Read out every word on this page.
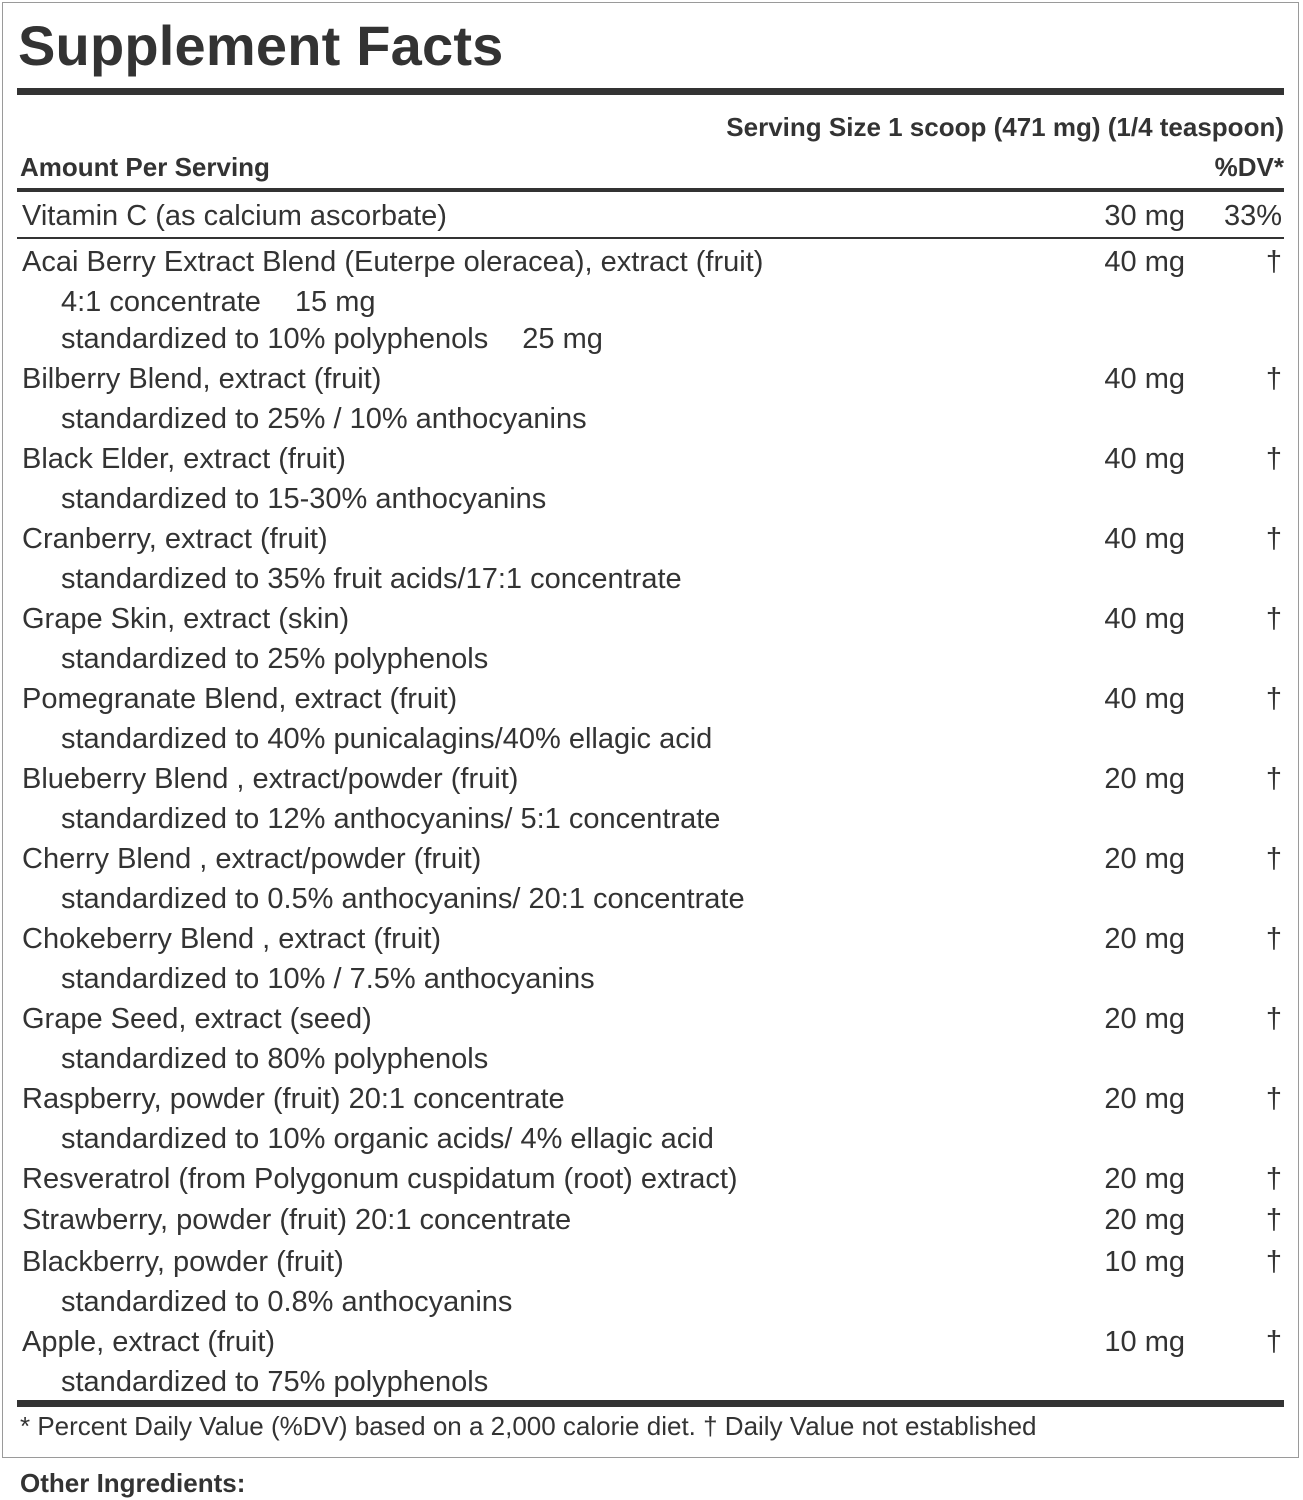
Supplement Facts
Serving Size 1 scoop (471 mg) (1/4 teaspoon)
Amount Per Serving	%DV*
Vitamin C (as calcium ascorbate)	30 mg 33%
Acai Berry Extract Blend (Euterpe oleracea), extract (fruit)	40 mg	†
4:1 concentrate 15 mg
standardized to 10% polyphenols 25 mg
Bilberry Blend, extract (fruit)	40 mg	†
standardized to 25% / 10% anthocyanins
Black Elder, extract (fruit)	40 mg	†
standardized to 15-30% anthocyanins
Cranberry, extract (fruit)	40 mg	†
standardized to 35% fruit acids/17:1 concentrate
Grape Skin, extract (skin)	40 mg	†
standardized to 25% polyphenols
Pomegranate Blend, extract (fruit)	40 mg	†
standardized to 40% punicalagins/40% ellagic acid
Blueberry Blend , extract/powder (fruit)	20 mg	†
standardized to 12% anthocyanins/ 5:1 concentrate
Cherry Blend , extract/powder (fruit)	20 mg	†
standardized to 0.5% anthocyanins/ 20:1 concentrate
Chokeberry Blend , extract (fruit)	20 mg	†
standardized to 10% / 7.5% anthocyanins
Grape Seed, extract (seed)	20 mg	†
standardized to 80% polyphenols
Raspberry, powder (fruit) 20:1 concentrate	20 mg	†
standardized to 10% organic acids/ 4% ellagic acid
Resveratrol (from Polygonum cuspidatum (root) extract)	20 mg	†
Strawberry, powder (fruit) 20:1 concentrate	20 mg	†
Blackberry, powder (fruit)	10 mg	†
standardized to 0.8% anthocyanins
Apple, extract (fruit)	10 mg	†
standardized to 75% polyphenols
* Percent Daily Value (%DV) based on a 2,000 calorie diet. † Daily Value not established
Other Ingredients:
